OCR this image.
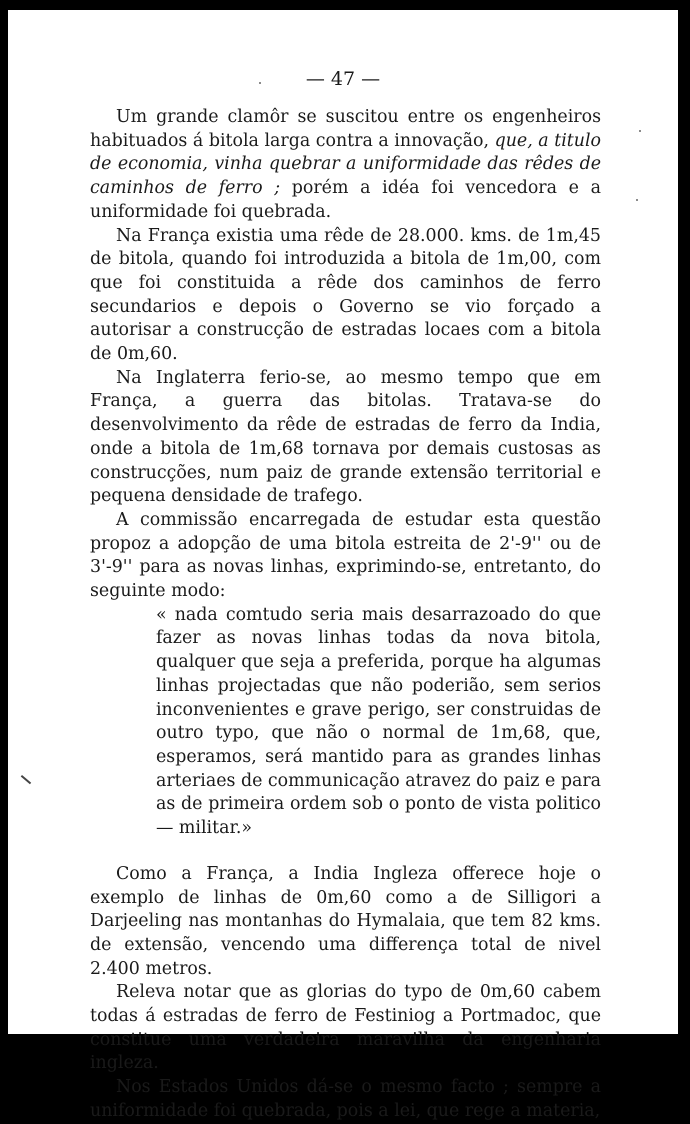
— 47 —

Um grande clamôr se suscitou entre os engenheiros habituados á bitola larga contra a innovação, que, a titulo de economia, vinha quebrar a uniformidade das rêdes de caminhos de ferro ; porém a idéa foi vencedora e a uniformidade foi quebrada.

Na França existia uma rêde de 28.000. kms. de 1m,45 de bitola, quando foi introduzida a bitola de 1m,00, com que foi constituida a rêde dos caminhos de ferro secundarios e depois o Governo se vio forçado a autorisar a construcção de estradas locaes com a bitola de 0m,60.

Na Inglaterra ferio-se, ao mesmo tempo que em França, a guerra das bitolas. Tratava-se do desenvolvimento da rêde de estradas de ferro da India, onde a bitola de 1m,68 tornava por demais custosas as construcções, num paiz de grande extensão territorial e pequena densidade de trafego.

A commissão encarregada de estudar esta questão propoz a adopção de uma bitola estreita de 2'-9'' ou de 3'-9'' para as novas linhas, exprimindo-se, entretanto, do seguinte modo:

« nada comtudo seria mais desarrazoado do que fazer as novas linhas todas da nova bitola, qualquer que seja a preferida, porque ha algumas linhas projectadas que não poderião, sem serios inconvenientes e grave perigo, ser construidas de outro typo, que não o normal de 1m,68, que, esperamos, será mantido para as grandes linhas arteriaes de communicação atravez do paiz e para as de primeira ordem sob o ponto de vista politico — militar.»

Como a França, a India Ingleza offerece hoje o exemplo de linhas de 0m,60 como a de Silligori a Darjeeling nas montanhas do Hymalaia, que tem 82 kms. de extensão, vencendo uma differença total de nivel 2.400 metros.

Releva notar que as glorias do typo de 0m,60 cabem todas á estradas de ferro de Festiniog a Portmadoc, que constitue uma verdadeira maravilha da engenharia ingleza.

Nos Estados Unidos dá-se o mesmo facto ; sempre a uniformidade foi quebrada, pois a lei, que rege a materia,
